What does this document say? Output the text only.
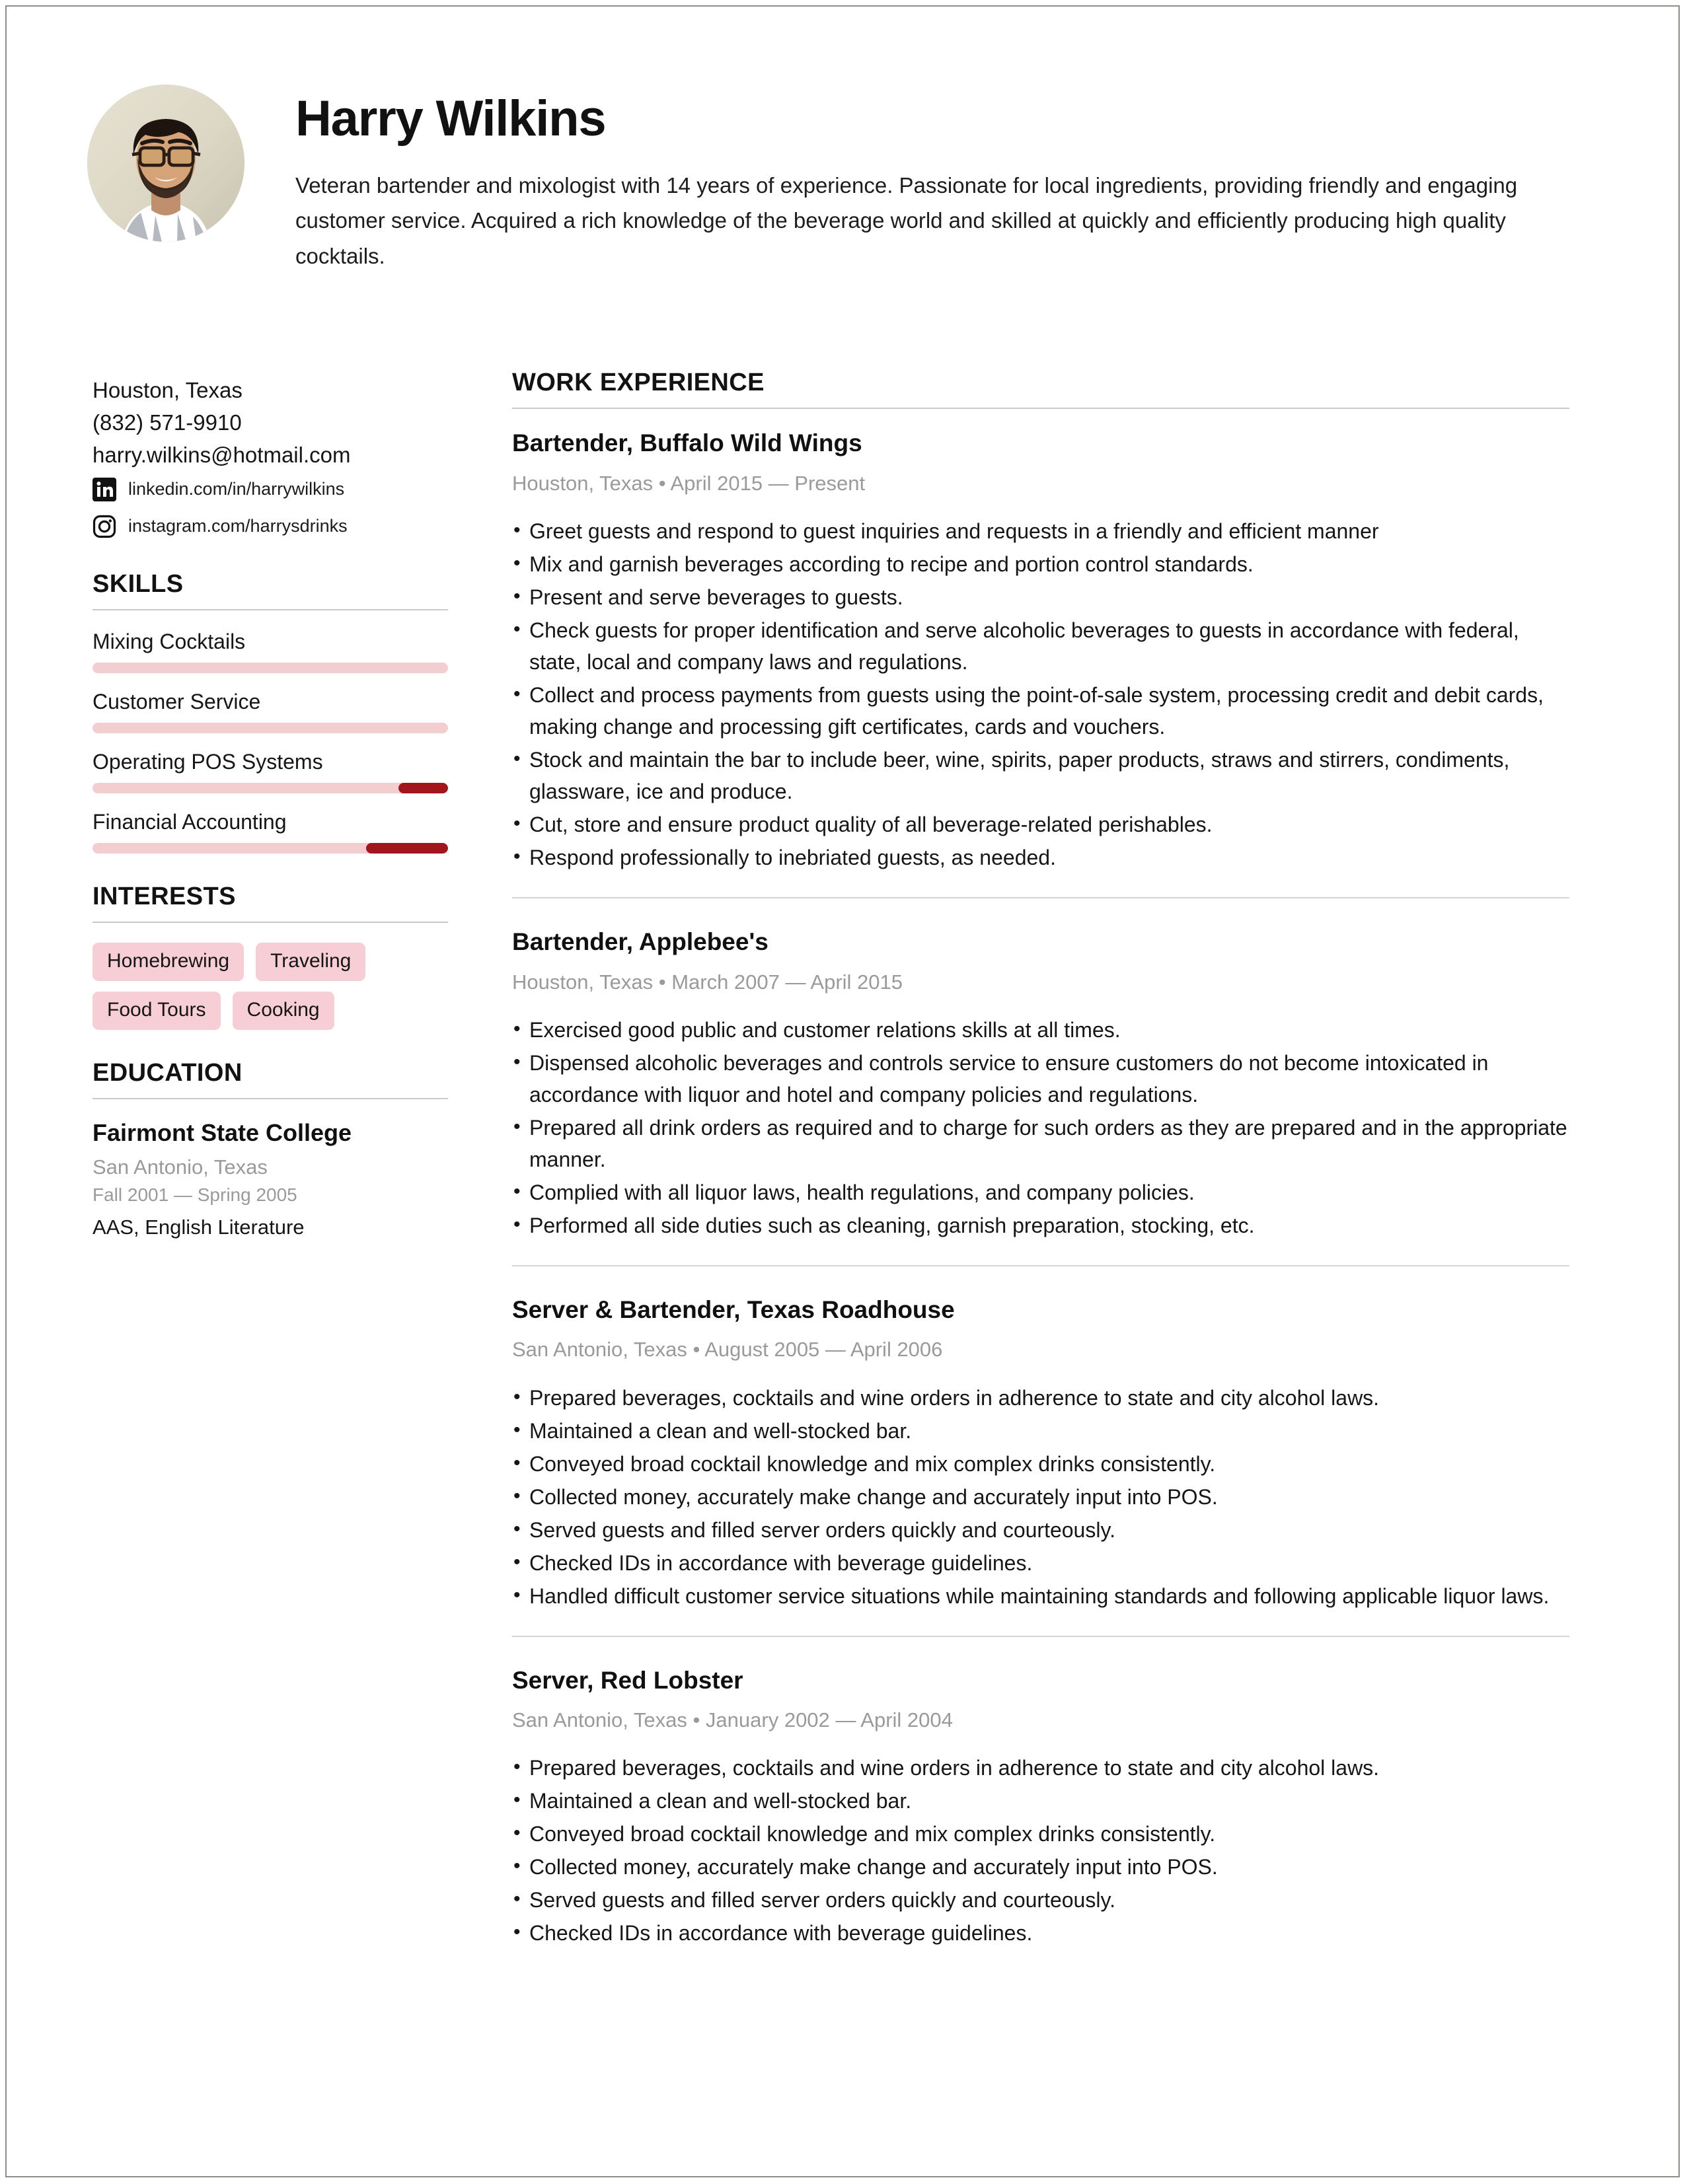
Harry Wilkins

Veteran bartender and mixologist with 14 years of experience. Passionate for local ingredients, providing friendly and engaging customer service. Acquired a rich knowledge of the beverage world and skilled at quickly and efficiently producing high quality cocktails.

Houston, Texas

(832) 571-9910

harry.wilkins@hotmail.com

linkedin.com/in/harrywilkins
instagram.com/harrysdrinks
SKILLS
Mixing Cocktails
Customer Service
Operating POS Systems
Financial Accounting
INTERESTS
Homebrewing	Traveling
Food Tours	Cooking
EDUCATION
Fairmont State College
San Antonio, Texas
Fall 2001 — Spring 2005
AAS, English Literature
WORK EXPERIENCE
Bartender, Buffalo Wild Wings
Houston, Texas • April 2015 — Present
• Greet guests and respond to guest inquiries and requests in a friendly and efficient manner
• Mix and garnish beverages according to recipe and portion control standards.
• Present and serve beverages to guests.
• Check guests for proper identification and serve alcoholic beverages to guests in accordance with federal, state, local and company laws and regulations.
• Collect and process payments from guests using the point-of-sale system, processing credit and debit cards, making change and processing gift certificates, cards and vouchers.
• Stock and maintain the bar to include beer, wine, spirits, paper products, straws and stirrers, condiments, glassware, ice and produce.
• Cut, store and ensure product quality of all beverage-related perishables.
• Respond professionally to inebriated guests, as needed.
Bartender, Applebee's
Houston, Texas • March 2007 — April 2015
• Exercised good public and customer relations skills at all times.
• Dispensed alcoholic beverages and controls service to ensure customers do not become intoxicated in accordance with liquor and hotel and company policies and regulations.
• Prepared all drink orders as required and to charge for such orders as they are prepared and in the appropriate manner.
• Complied with all liquor laws, health regulations, and company policies.
• Performed all side duties such as cleaning, garnish preparation, stocking, etc.
Server & Bartender, Texas Roadhouse
San Antonio, Texas • August 2005 — April 2006
• Prepared beverages, cocktails and wine orders in adherence to state and city alcohol laws.
• Maintained a clean and well-stocked bar.
• Conveyed broad cocktail knowledge and mix complex drinks consistently.
• Collected money, accurately make change and accurately input into POS.
• Served guests and filled server orders quickly and courteously.
• Checked IDs in accordance with beverage guidelines.
• Handled difficult customer service situations while maintaining standards and following applicable liquor laws.
Server, Red Lobster
San Antonio, Texas • January 2002 — April 2004
• Prepared beverages, cocktails and wine orders in adherence to state and city alcohol laws.
• Maintained a clean and well-stocked bar.
• Conveyed broad cocktail knowledge and mix complex drinks consistently.
• Collected money, accurately make change and accurately input into POS.
• Served guests and filled server orders quickly and courteously.
• Checked IDs in accordance with beverage guidelines.
